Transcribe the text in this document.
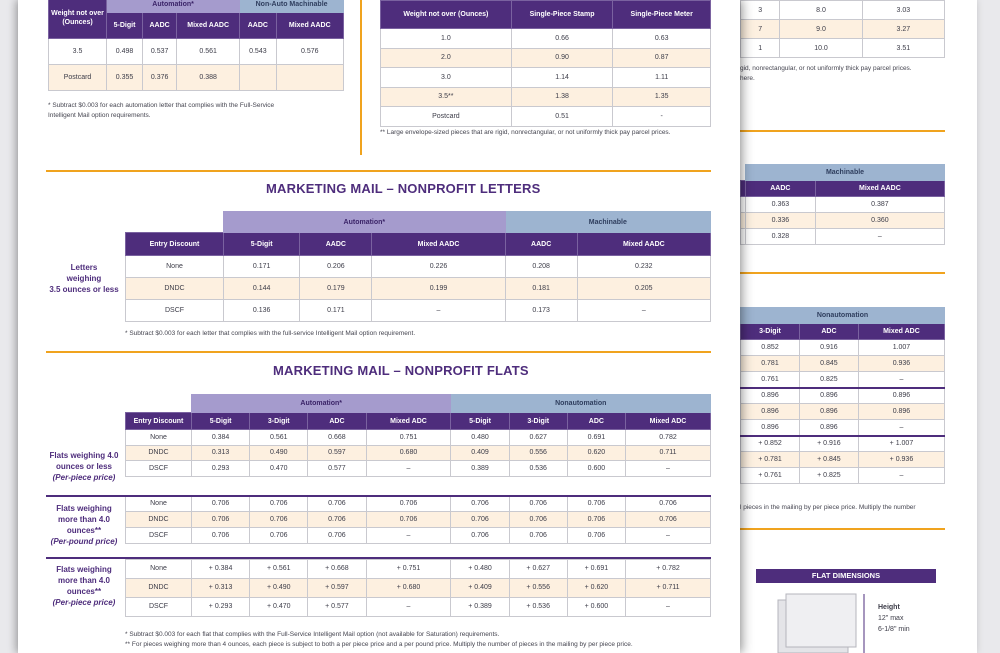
3	8.0	3.03
7	9.0	3.27
1	10.0	3.51
gid, nonrectangular, or not uniformly thick pay parcel prices.
here.
	Machinable	
	AADC	Mixed AADC
	0.363	0.387
	0.336	0.360
	0.328	–
Nonautomation		
3-Digit	ADC	Mixed ADC
0.852	0.916	1.007
0.781	0.845	0.936
0.761	0.825	–
0.896	0.896	0.896
0.896	0.896	0.896
0.896	0.896	–
+ 0.852	+ 0.916	+ 1.007
+ 0.781	+ 0.845	+ 0.936
+ 0.761	+ 0.825	–
l pieces in the mailing by per piece price. Multiply the number
FLAT DIMENSIONS
Height
12" max
6-1/8" min
Weight not over (Ounces)	Automation*			Non-Auto Machinable	
	5-Digit	AADC	Mixed AADC	AADC	Mixed AADC
3.5	0.498	0.537	0.561	0.543	0.576
Postcard	0.355	0.376	0.388		
* Subtract $0.003 for each automation letter that complies with the Full-Service
Intelligent Mail option requirements.
Weight not over (Ounces)	Single-Piece Stamp	Single-Piece Meter
1.0	0.66	0.63
2.0	0.90	0.87
3.0	1.14	1.11
3.5**	1.38	1.35
Postcard	0.51	-
** Large envelope-sized pieces that are rigid, nonrectangular, or not uniformly thick pay parcel prices.
MARKETING MAIL – NONPROFIT LETTERS
	Automation*			Machinable	
Entry Discount	5-Digit	AADC	Mixed AADC	AADC	Mixed AADC
None	0.171	0.206	0.226	0.208	0.232
DNDC	0.144	0.179	0.199	0.181	0.205
DSCF	0.136	0.171	–	0.173	–
Letters
weighing
3.5 ounces or less
* Subtract $0.003 for each letter that complies with the full-service Intelligent Mail option requirement.
MARKETING MAIL – NONPROFIT FLATS
	Automation*				Nonautomation			
Entry Discount	5-Digit	3-Digit	ADC	Mixed ADC	5-Digit	3-Digit	ADC	Mixed ADC
None	0.384	0.561	0.668	0.751	0.480	0.627	0.691	0.782
DNDC	0.313	0.490	0.597	0.680	0.409	0.556	0.620	0.711
DSCF	0.293	0.470	0.577	–	0.389	0.536	0.600	–

None	0.706	0.706	0.706	0.706	0.706	0.706	0.706	0.706
DNDC	0.706	0.706	0.706	0.706	0.706	0.706	0.706	0.706
DSCF	0.706	0.706	0.706	–	0.706	0.706	0.706	–

None	+ 0.384	+ 0.561	+ 0.668	+ 0.751	+ 0.480	+ 0.627	+ 0.691	+ 0.782
DNDC	+ 0.313	+ 0.490	+ 0.597	+ 0.680	+ 0.409	+ 0.556	+ 0.620	+ 0.711
DSCF	+ 0.293	+ 0.470	+ 0.577	–	+ 0.389	+ 0.536	+ 0.600	–
Flats weighing 4.0 ounces or less
(Per-piece price)
Flats weighing more than 4.0 ounces**
(Per-pound price)
Flats weighing more than 4.0 ounces**
(Per-piece price)
* Subtract $0.003 for each flat that complies with the Full-Service Intelligent Mail option (not available for Saturation) requirements.
** For pieces weighing more than 4 ounces, each piece is subject to both a per piece price and a per pound price. Multiply the number of pieces in the mailing by per piece price.
